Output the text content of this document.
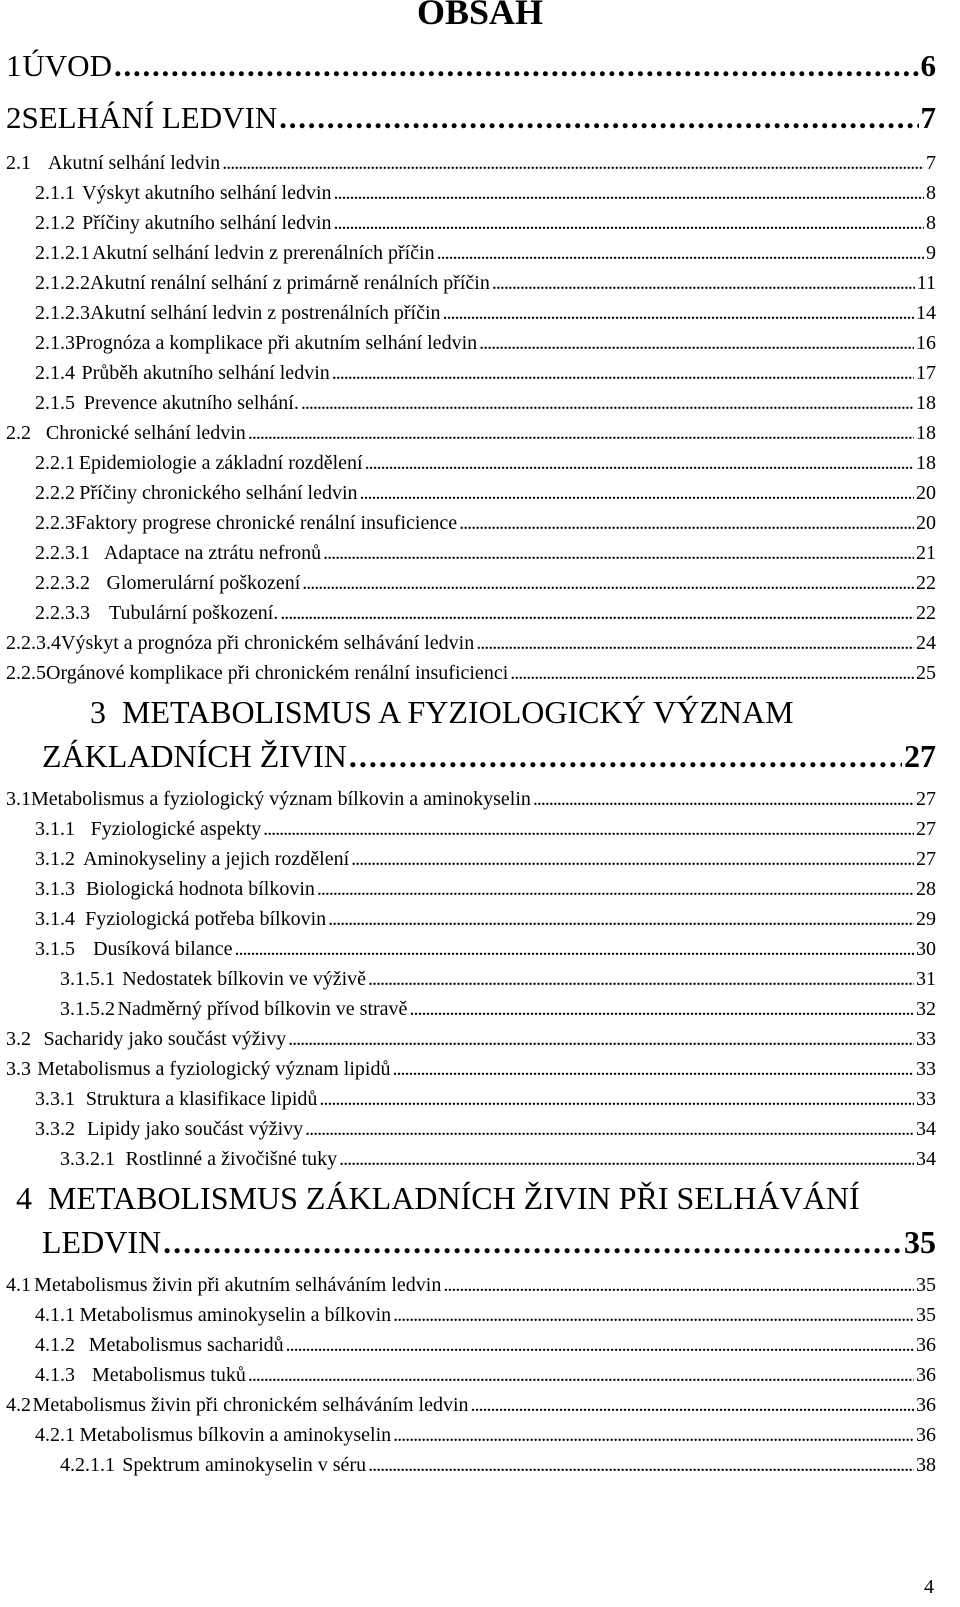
OBSAH
1 ÚVOD . . .	6
2 SELHÁNÍ LEDVIN . . .	7
2.1 Akutní selhání ledvin . . .	7
2.1.1 Výskyt akutního selhání ledvin . . .	8
2.1.2 Příčiny akutního selhání ledvin . . .	8
2.1.2.1 Akutní selhání ledvin z prerenálních příčin . . .	9
2.1.2.2 Akutní renální selhání z primárně renálních příčin . . .	11
2.1.2.3 Akutní selhání ledvin z postrenálních příčin . . .	14
2.1.3 Prognóza a komplikace při akutním selhání ledvin . . .	16
2.1.4 Průběh akutního selhání ledvin . . .	17
2.1.5 Prevence akutního selhání. . . .	18
2.2 Chronické selhání ledvin . . .	18
2.2.1 Epidemiologie a základní rozdělení . . .	18
2.2.2 Příčiny chronického selhání ledvin . . .	20
2.2.3 Faktory progrese chronické renální insuficience . . .	20
2.2.3.1 Adaptace na ztrátu nefronů . . .	21
2.2.3.2 Glomerulární poškození . . .	22
2.2.3.3 Tubulární poškození. . . .	22
2.2.3.4 Výskyt a prognóza při chronickém selhávání ledvin . . .	24
2.2.5 Orgánové komplikace při chronickém renální insuficienci . . .	25
3 METABOLISMUS A FYZIOLOGICKÝ VÝZNAM
ZÁKLADNÍCH ŽIVIN . . .	27
3.1 Metabolismus a fyziologický význam bílkovin a aminokyselin . . .	27
3.1.1 Fyziologické aspekty . . .	27
3.1.2 Aminokyseliny a jejich rozdělení . . .	27
3.1.3 Biologická hodnota bílkovin . . .	28
3.1.4 Fyziologická potřeba bílkovin . . .	29
3.1.5 Dusíková bilance . . .	30
3.1.5.1 Nedostatek bílkovin ve výživě . . .	31
3.1.5.2 Nadměrný přívod bílkovin ve stravě . . .	32
3.2 Sacharidy jako součást výživy . . .	33
3.3 Metabolismus a fyziologický význam lipidů . . .	33
3.3.1 Struktura a klasifikace lipidů . . .	33
3.3.2 Lipidy jako součást výživy . . .	34
3.3.2.1 Rostlinné a živočišné tuky . . .	34
4 METABOLISMUS ZÁKLADNÍCH ŽIVIN PŘI SELHÁVÁNÍ
LEDVIN . . .	35
4.1 Metabolismus živin při akutním selháváním ledvin . . .	35
4.1.1 Metabolismus aminokyselin a bílkovin . . .	35
4.1.2 Metabolismus sacharidů . . .	36
4.1.3 Metabolismus tuků . . .	36
4.2 Metabolismus živin při chronickém selháváním ledvin . . .	36
4.2.1 Metabolismus bílkovin a aminokyselin . . .	36
4.2.1.1 Spektrum aminokyselin v séru . . .	38
4
